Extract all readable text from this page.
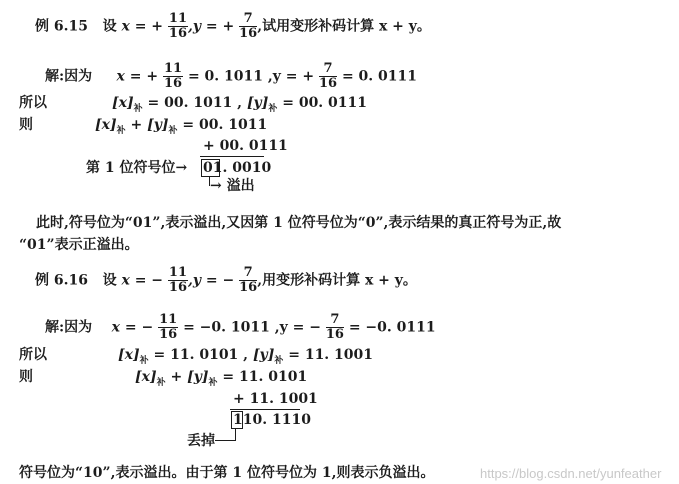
例 6.15 设 x = + $\frac{11}{16} ,y$ = + $\frac{7}{16}$ ,试用变形补码计算 x + y。
解:因为 x = + $\frac{11}{16} = 0$. 1011 ,y = + $\frac{7}{16} = 0$. 0111
所以	$[x]_补 = 00$. 1011 , $[y]_补 = 00$. 0111
则	$[x]_补 + [y]_补 = 00$. 1011
+ 00. 0111
第 1 位符号位→ 01. 0010
→ 溢出
此时,符号位为“01”,表示溢出,又因第 1 位符号位为“0”,表示结果的真正符号为正,故
“01”表示正溢出。
例 6.16 设 x = − $\frac{11}{16} ,y$ = − $\frac{7}{16}$ ,用变形补码计算 x + y。
解:因为 x = − $\frac{11}{16} = -0$. 1011 ,y = − $\frac{7}{16} = -0$. 0111
所以	$[x]_补 = 11$. 0101 , $[y]_补 = 11$. 1001
则	$[x]_补 + [y]_补 = 11$. 0101
+ 11. 1001
110. 1110
丢掉
符号位为“10”,表示溢出。由于第 1 位符号位为 1,则表示负溢出。	https://blog.csdn.net/yunfeather
